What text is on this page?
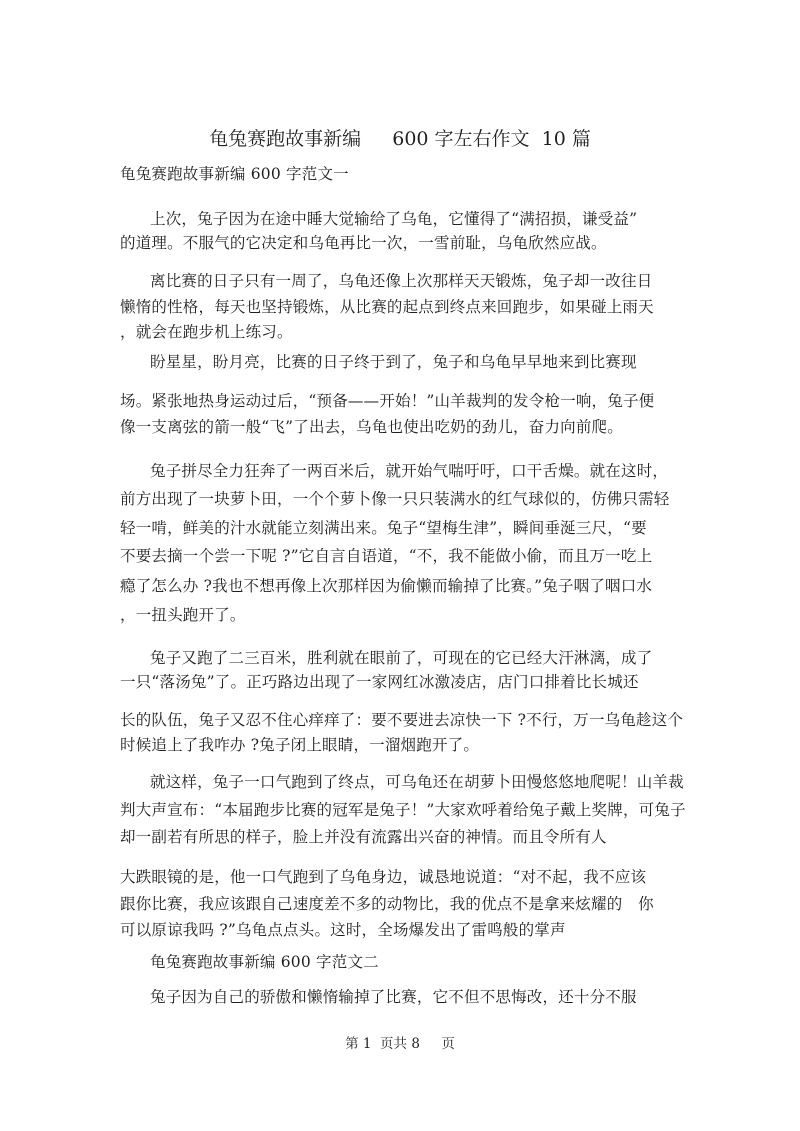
龟兔赛跑故事新编　  600 字左右作文  10 篇
龟兔赛跑故事新编 600 字范文一
上次，兔子因为在途中睡大觉输给了乌龟，它懂得了“满招损，谦受益”
的道理。不服气的它决定和乌龟再比一次，一雪前耻，乌龟欣然应战。
离比赛的日子只有一周了，乌龟还像上次那样天天锻炼，兔子却一改往日
懒惰的性格，每天也坚持锻炼，从比赛的起点到终点来回跑步，如果碰上雨天
，就会在跑步机上练习。
盼星星，盼月亮，比赛的日子终于到了，兔子和乌龟早早地来到比赛现
场。紧张地热身运动过后，“预备——开始！”山羊裁判的发令枪一响，兔子便
像一支离弦的箭一般“飞”了出去，乌龟也使出吃奶的劲儿，奋力向前爬。
兔子拼尽全力狂奔了一两百米后，就开始气喘吁吁，口干舌燥。就在这时，
前方出现了一块萝卜田，一个个萝卜像一只只装满水的红气球似的，仿佛只需轻
轻一啃，鲜美的汁水就能立刻满出来。兔子“望梅生津”，瞬间垂涎三尺，“要
不要去摘一个尝一下呢 ?”它自言自语道，“不，我不能做小偷，而且万一吃上
瘾了怎么办 ?我也不想再像上次那样因为偷懒而输掉了比赛。”兔子咽了咽口水
，一扭头跑开了。
兔子又跑了二三百米，胜利就在眼前了，可现在的它已经大汗淋漓，成了
一只“落汤兔”了。正巧路边出现了一家网红冰激凌店，店门口排着比长城还
长的队伍，兔子又忍不住心痒痒了：要不要进去凉快一下 ?不行，万一乌龟趁这个
时候追上了我咋办 ?兔子闭上眼睛，一溜烟跑开了。
就这样，兔子一口气跑到了终点，可乌龟还在胡萝卜田慢悠悠地爬呢！山羊裁
判大声宣布：“本届跑步比赛的冠军是兔子！”大家欢呼着给兔子戴上奖牌，可兔子
却一副若有所思的样子，脸上并没有流露出兴奋的神情。而且令所有人
大跌眼镜的是，他一口气跑到了乌龟身边，诚恳地说道：“对不起，我不应该
跟你比赛，我应该跟自己速度差不多的动物比，我的优点不是拿来炫耀的　你
可以原谅我吗 ?”乌龟点点头。这时，全场爆发出了雷鸣般的掌声
龟兔赛跑故事新编 600 字范文二
兔子因为自己的骄傲和懒惰输掉了比赛，它不但不思悔改，还十分不服
第 1  页共 8     页
